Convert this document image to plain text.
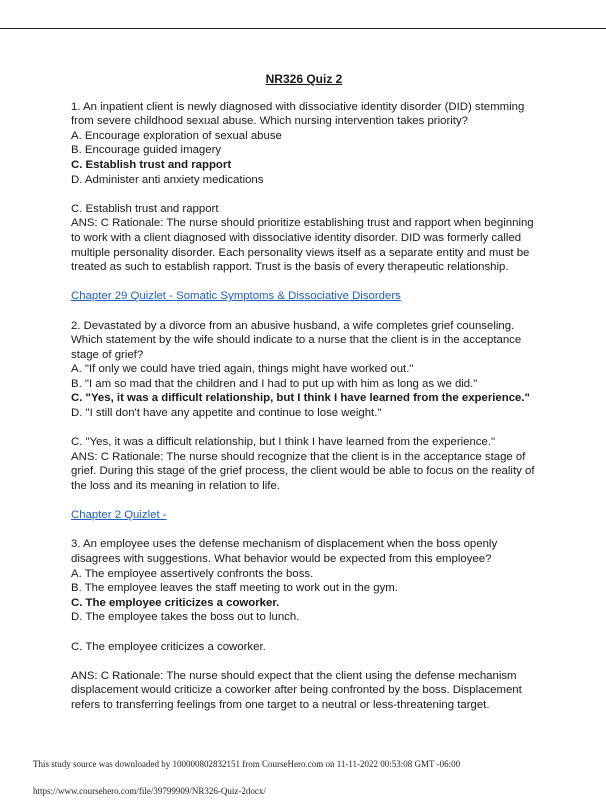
NR326 Quiz 2
1. An inpatient client is newly diagnosed with dissociative identity disorder (DID) stemming from severe childhood sexual abuse. Which nursing intervention takes priority?
A. Encourage exploration of sexual abuse
B. Encourage guided imagery
C. Establish trust and rapport
D. Administer anti anxiety medications
C. Establish trust and rapport
ANS: C Rationale: The nurse should prioritize establishing trust and rapport when beginning to work with a client diagnosed with dissociative identity disorder. DID was formerly called multiple personality disorder. Each personality views itself as a separate entity and must be treated as such to establish rapport. Trust is the basis of every therapeutic relationship.
Chapter 29 Quizlet - Somatic Symptoms & Dissociative Disorders
2. Devastated by a divorce from an abusive husband, a wife completes grief counseling. Which statement by the wife should indicate to a nurse that the client is in the acceptance stage of grief?
A. "If only we could have tried again, things might have worked out."
B. "I am so mad that the children and I had to put up with him as long as we did."
C. "Yes, it was a difficult relationship, but I think I have learned from the experience."
D. "I still don't have any appetite and continue to lose weight."
C. "Yes, it was a difficult relationship, but I think I have learned from the experience."
ANS: C Rationale: The nurse should recognize that the client is in the acceptance stage of grief. During this stage of the grief process, the client would be able to focus on the reality of the loss and its meaning in relation to life.
Chapter 2 Quizlet -
3. An employee uses the defense mechanism of displacement when the boss openly disagrees with suggestions. What behavior would be expected from this employee?
A. The employee assertively confronts the boss.
B. The employee leaves the staff meeting to work out in the gym.
C. The employee criticizes a coworker.
D. The employee takes the boss out to lunch.
C. The employee criticizes a coworker.
ANS: C Rationale: The nurse should expect that the client using the defense mechanism displacement would criticize a coworker after being confronted by the boss. Displacement refers to transferring feelings from one target to a neutral or less-threatening target.
This study source was downloaded by 100000802832151 from CourseHero.com on 11-11-2022 00:53:08 GMT -06:00
https://www.coursehero.com/file/39799909/NR326-Quiz-2docx/
